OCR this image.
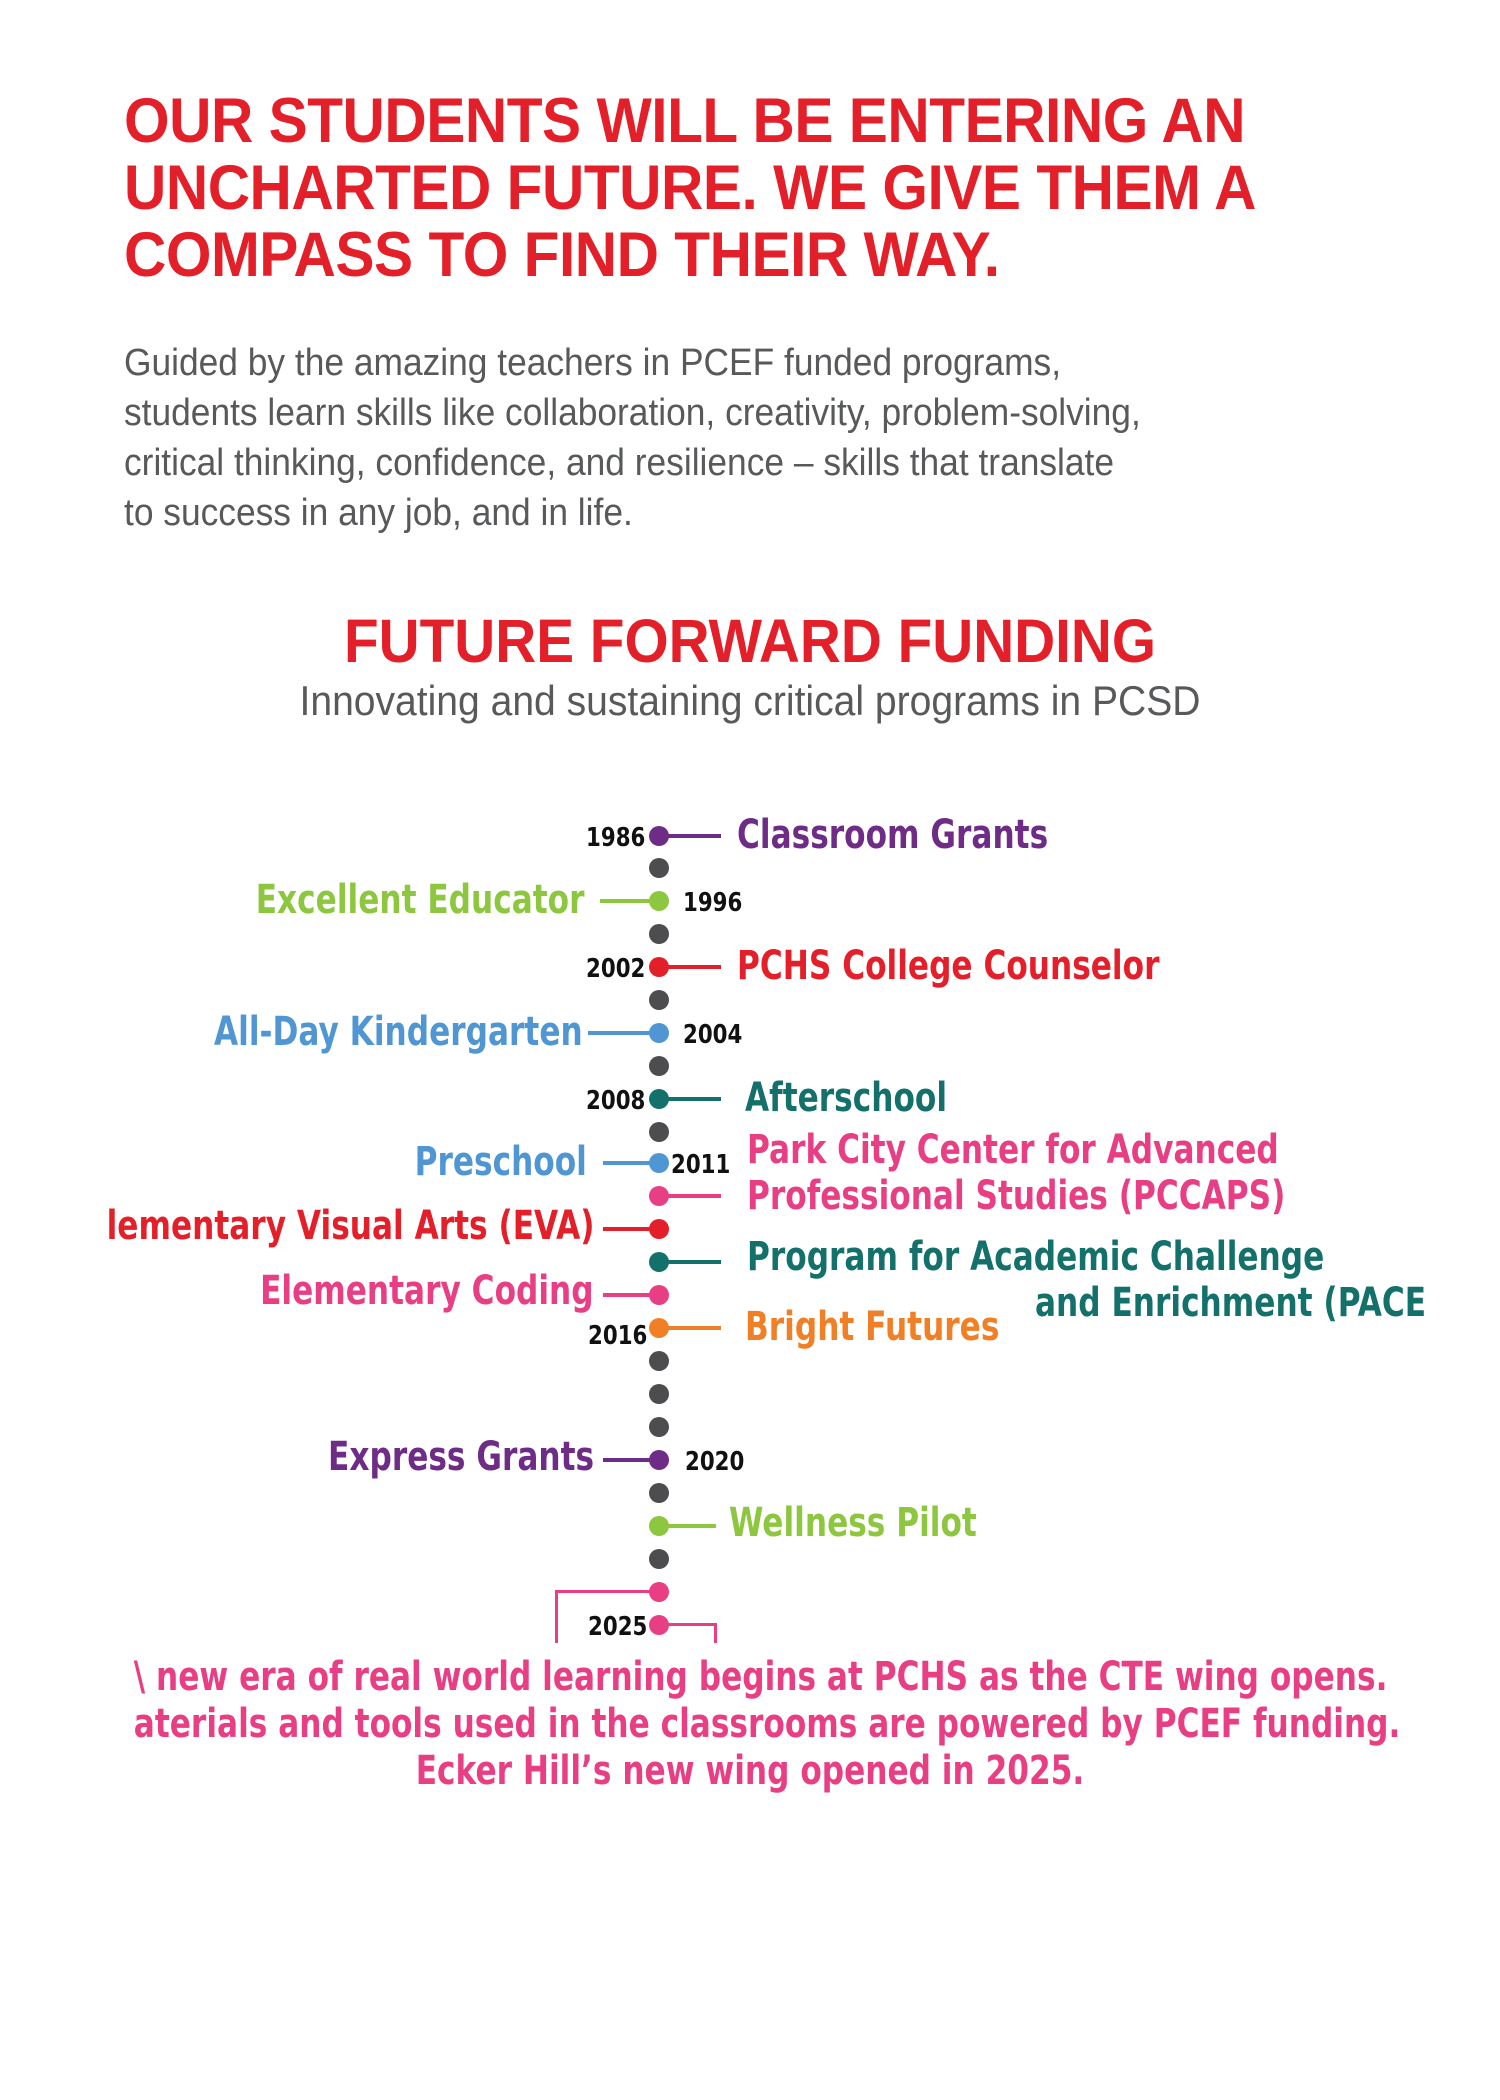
OUR STUDENTS WILL BE ENTERING AN
UNCHARTED FUTURE. WE GIVE THEM A
COMPASS TO FIND THEIR WAY.

Guided by the amazing teachers in PCEF funded programs,
students learn skills like collaboration, creativity, problem-solving,
critical thinking, confidence, and resilience – skills that translate
to success in any job, and in life.

FUTURE FORWARD FUNDING

Innovating and sustaining critical programs in PCSD

1986 Classroom Grants
1996
Excellent Educator
2002 PCHS College Counselor
2004
All-Day Kindergarten
2008	Afterschool
2011
Preschool	Park City Center for Advanced
Professional Studies (PCCAPS)
lementary Visual Arts (EVA)
Program for Academic Challenge
and Enrichment (PACE
Elementary Coding
2016 Bright Futures
2020
Express Grants
Wellness Pilot
2025

\ new era of real world learning begins at PCHS as the CTE wing opens.
aterials and tools used in the classrooms are powered by PCEF funding.
Ecker Hill’s new wing opened in 2025.
